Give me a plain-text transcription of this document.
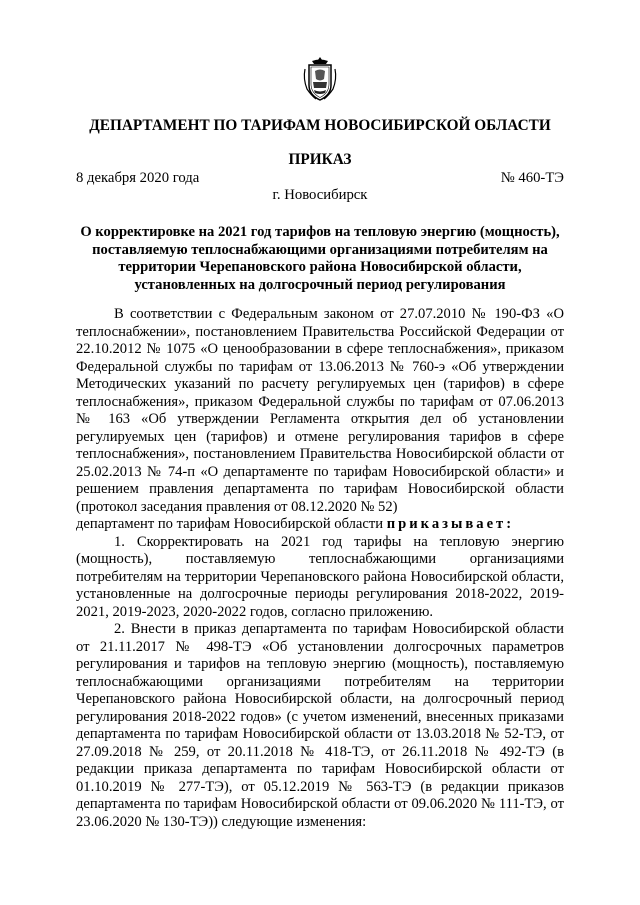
ДЕПАРТАМЕНТ ПО ТАРИФАМ НОВОСИБИРСКОЙ ОБЛАСТИ
ПРИКАЗ
8 декабря 2020 года	№ 460-ТЭ
г. Новосибирск
О корректировке на 2021 год тарифов на тепловую энергию (мощность), поставляемую теплоснабжающими организациями потребителям на территории Черепановского района Новосибирской области, установленных на долгосрочный период регулирования

В соответствии с Федеральным законом от 27.07.2010 № 190-ФЗ «О теплоснабжении», постановлением Правительства Российской Федерации от 22.10.2012 № 1075 «О ценообразовании в сфере теплоснабжения», приказом Федеральной службы по тарифам от 13.06.2013 № 760-э «Об утверждении Методических указаний по расчету регулируемых цен (тарифов) в сфере теплоснабжения», приказом Федеральной службы по тарифам от 07.06.2013 № 163 «Об утверждении Регламента открытия дел об установлении регулируемых цен (тарифов) и отмене регулирования тарифов в сфере теплоснабжения», постановлением Правительства Новосибирской области от 25.02.2013 № 74-п «О департаменте по тарифам Новосибирской области» и решением правления департамента по тарифам Новосибирской области (протокол заседания правления от 08.12.2020 № 52)

департамент по тарифам Новосибирской области приказывает:

1. Скорректировать на 2021 год тарифы на тепловую энергию (мощность), поставляемую теплоснабжающими организациями потребителям на территории Черепановского района Новосибирской области, установленные на долгосрочные периоды регулирования 2018-2022, 2019-2021, 2019-2023, 2020-2022 годов, согласно приложению.

2. Внести в приказ департамента по тарифам Новосибирской области от 21.11.2017 № 498-ТЭ «Об установлении долгосрочных параметров регулирования и тарифов на тепловую энергию (мощность), поставляемую теплоснабжающими организациями потребителям на территории Черепановского района Новосибирской области, на долгосрочный период регулирования 2018-2022 годов» (с учетом изменений, внесенных приказами департамента по тарифам Новосибирской области от 13.03.2018 № 52-ТЭ, от 27.09.2018 № 259, от 20.11.2018 № 418-ТЭ, от 26.11.2018 № 492-ТЭ (в редакции приказа департамента по тарифам Новосибирской области от 01.10.2019 № 277-ТЭ), от 05.12.2019 № 563-ТЭ (в редакции приказов департамента по тарифам Новосибирской области от 09.06.2020 № 111-ТЭ, от 23.06.2020 № 130-ТЭ)) следующие изменения:
